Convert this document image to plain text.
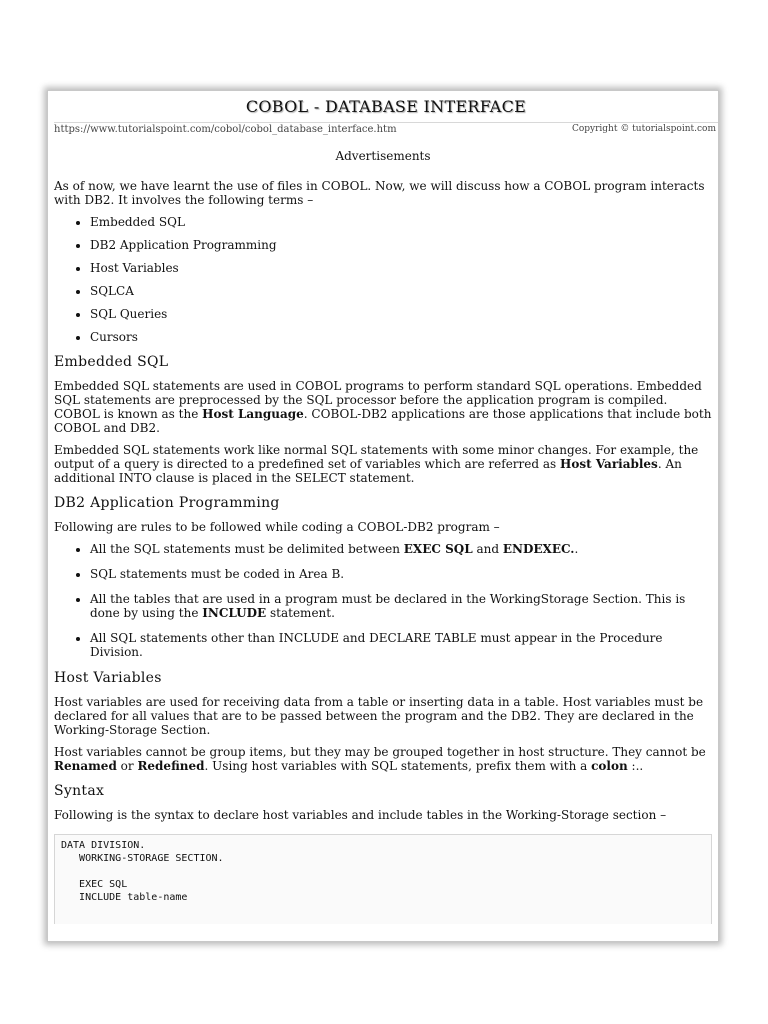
COBOL - DATABASE INTERFACE
https://www.tutorialspoint.com/cobol/cobol_database_interface.htm	Copyright © tutorialspoint.com
Advertisements

As of now, we have learnt the use of files in COBOL. Now, we will discuss how a COBOL program interacts with DB2. It involves the following terms –

• Embedded SQL
• DB2 Application Programming
• Host Variables
• SQLCA
• SQL Queries
• Cursors
Embedded SQL

Embedded SQL statements are used in COBOL programs to perform standard SQL operations. Embedded SQL statements are preprocessed by the SQL processor before the application program is compiled. COBOL is known as the Host Language. COBOL-DB2 applications are those applications that include both COBOL and DB2.

Embedded SQL statements work like normal SQL statements with some minor changes. For example, the output of a query is directed to a predefined set of variables which are referred as Host Variables. An additional INTO clause is placed in the SELECT statement.

DB2 Application Programming

Following are rules to be followed while coding a COBOL-DB2 program –

• All the SQL statements must be delimited between EXEC SQL and ENDEXEC..
• SQL statements must be coded in Area B.
• All the tables that are used in a program must be declared in the WorkingStorage Section. This is done by using the INCLUDE statement.
• All SQL statements other than INCLUDE and DECLARE TABLE must appear in the Procedure Division.
Host Variables

Host variables are used for receiving data from a table or inserting data in a table. Host variables must be declared for all values that are to be passed between the program and the DB2. They are declared in the Working-Storage Section.

Host variables cannot be group items, but they may be grouped together in host structure. They cannot be Renamed or Redefined. Using host variables with SQL statements, prefix them with a colon :..

Syntax

Following is the syntax to declare host variables and include tables in the Working-Storage section –

DATA DIVISION.
WORKING-STORAGE SECTION.

EXEC SQL
INCLUDE table-name
